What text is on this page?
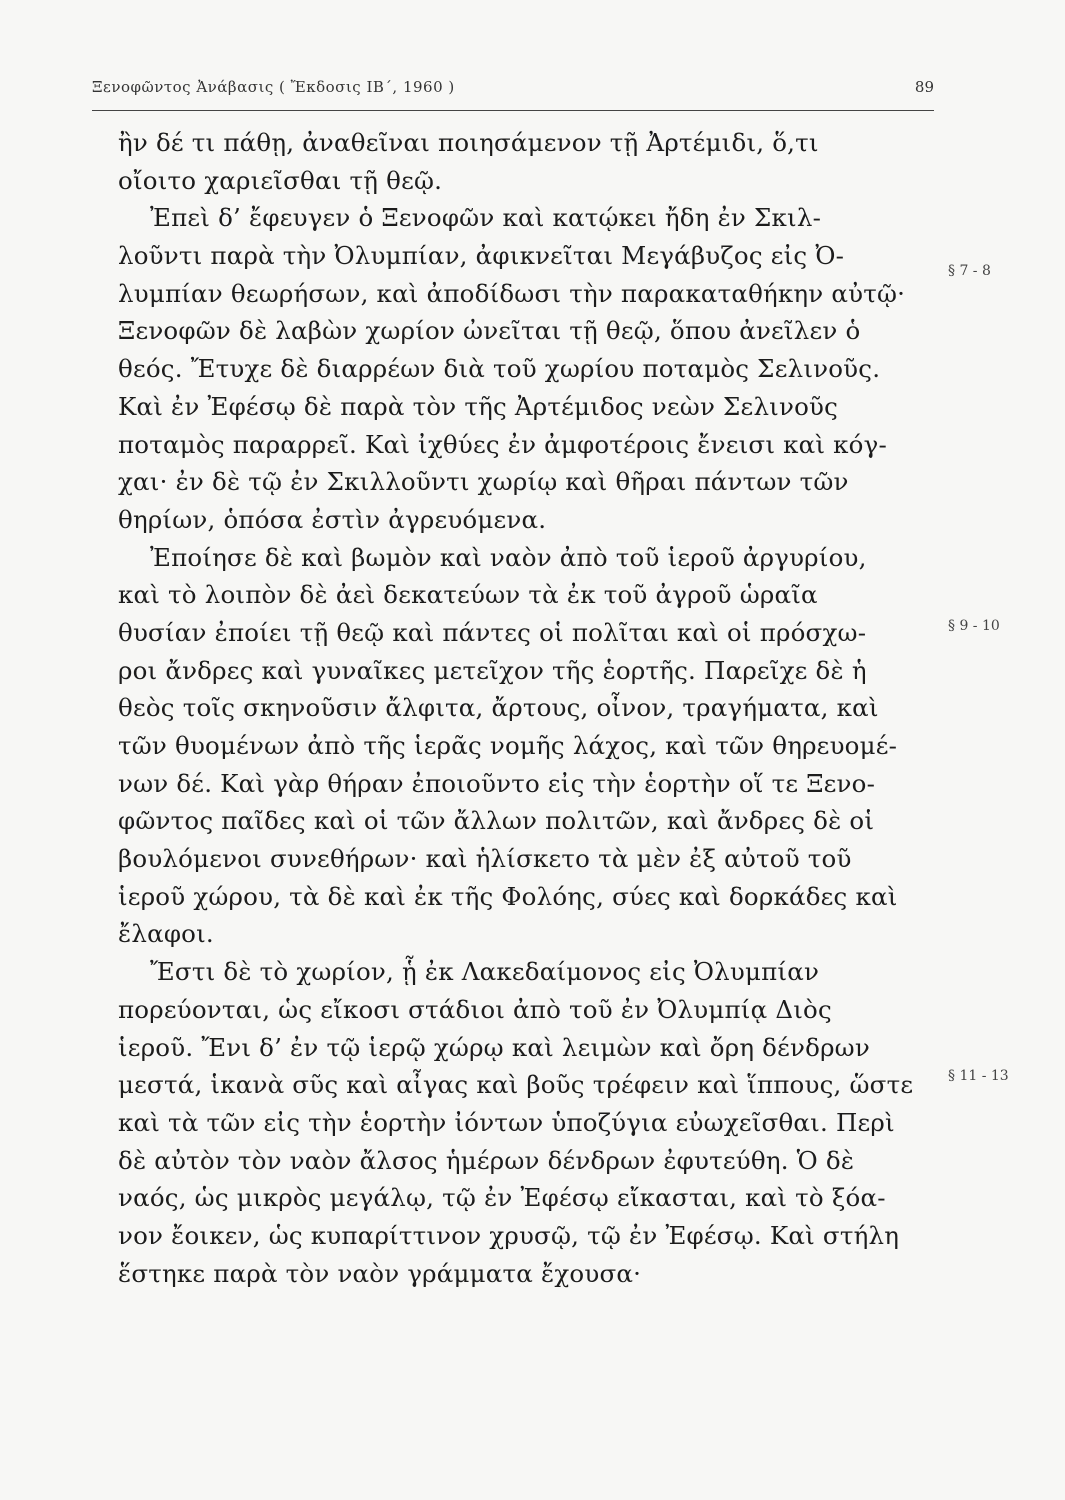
Ξενοφῶντος Ἀνάβασις ( Ἔκδοσις ΙΒ΄, 1960 )	89
ἢν δέ τι πάθῃ, ἀναθεῖναι ποιησάμενον τῇ Ἀρτέμιδι, ὅ,τι
οἴοιτο χαριεῖσθαι τῇ θεῷ.
Ἐπεὶ δ’ ἔφευγεν ὁ Ξενοφῶν καὶ κατῴκει ἤδη ἐν Σκιλ-
λοῦντι παρὰ τὴν Ὀλυμπίαν, ἀφικνεῖται Μεγάβυζος εἰς Ὀ-
λυμπίαν θεωρήσων, καὶ ἀποδίδωσι τὴν παρακαταθήκην αὐτῷ·
Ξενοφῶν δὲ λαβὼν χωρίον ὠνεῖται τῇ θεῷ, ὅπου ἀνεῖλεν ὁ
θεός. Ἔτυχε δὲ διαρρέων διὰ τοῦ χωρίου ποταμὸς Σελινοῦς.
Καὶ ἐν Ἐφέσῳ δὲ παρὰ τὸν τῆς Ἀρτέμιδος νεὼν Σελινοῦς
ποταμὸς παραρρεῖ. Καὶ ἰχθύες ἐν ἀμφοτέροις ἔνεισι καὶ κόγ-
χαι· ἐν δὲ τῷ ἐν Σκιλλοῦντι χωρίῳ καὶ θῆραι πάντων τῶν
θηρίων, ὁπόσα ἐστὶν ἀγρευόμενα.
Ἐποίησε δὲ καὶ βωμὸν καὶ ναὸν ἀπὸ τοῦ ἱεροῦ ἀργυρίου,
καὶ τὸ λοιπὸν δὲ ἀεὶ δεκατεύων τὰ ἐκ τοῦ ἀγροῦ ὡραῖα
θυσίαν ἐποίει τῇ θεῷ καὶ πάντες οἱ πολῖται καὶ οἱ πρόσχω-
ροι ἄνδρες καὶ γυναῖκες μετεῖχον τῆς ἑορτῆς. Παρεῖχε δὲ ἡ
θεὸς τοῖς σκηνοῦσιν ἄλφιτα, ἄρτους, οἶνον, τραγήματα, καὶ
τῶν θυομένων ἀπὸ τῆς ἱερᾶς νομῆς λάχος, καὶ τῶν θηρευομέ-
νων δέ. Καὶ γὰρ θήραν ἐποιοῦντο εἰς τὴν ἑορτὴν οἵ τε Ξενο-
φῶντος παῖδες καὶ οἱ τῶν ἄλλων πολιτῶν, καὶ ἄνδρες δὲ οἱ
βουλόμενοι συνεθήρων· καὶ ἡλίσκετο τὰ μὲν ἐξ αὐτοῦ τοῦ
ἱεροῦ χώρου, τὰ δὲ καὶ ἐκ τῆς Φολόης, σύες καὶ δορκάδες καὶ
ἔλαφοι.
Ἔστι δὲ τὸ χωρίον, ᾗ ἐκ Λακεδαίμονος εἰς Ὀλυμπίαν
πορεύονται, ὡς εἴκοσι στάδιοι ἀπὸ τοῦ ἐν Ὀλυμπίᾳ Διὸς
ἱεροῦ. Ἔνι δ’ ἐν τῷ ἱερῷ χώρῳ καὶ λειμὼν καὶ ὄρη δένδρων
μεστά, ἱκανὰ σῦς καὶ αἶγας καὶ βοῦς τρέφειν καὶ ἵππους, ὥστε
καὶ τὰ τῶν εἰς τὴν ἑορτὴν ἰόντων ὑποζύγια εὐωχεῖσθαι. Περὶ
δὲ αὐτὸν τὸν ναὸν ἄλσος ἡμέρων δένδρων ἐφυτεύθη. Ὁ δὲ
ναός, ὡς μικρὸς μεγάλῳ, τῷ ἐν Ἐφέσῳ εἴκασται, καὶ τὸ ξόα-
νον ἔοικεν, ὡς κυπαρίττινον χρυσῷ, τῷ ἐν Ἐφέσῳ. Καὶ στήλη
ἕστηκε παρὰ τὸν ναὸν γράμματα ἔχουσα·
§ 7 - 8
§ 9 - 10
§ 11 - 13
